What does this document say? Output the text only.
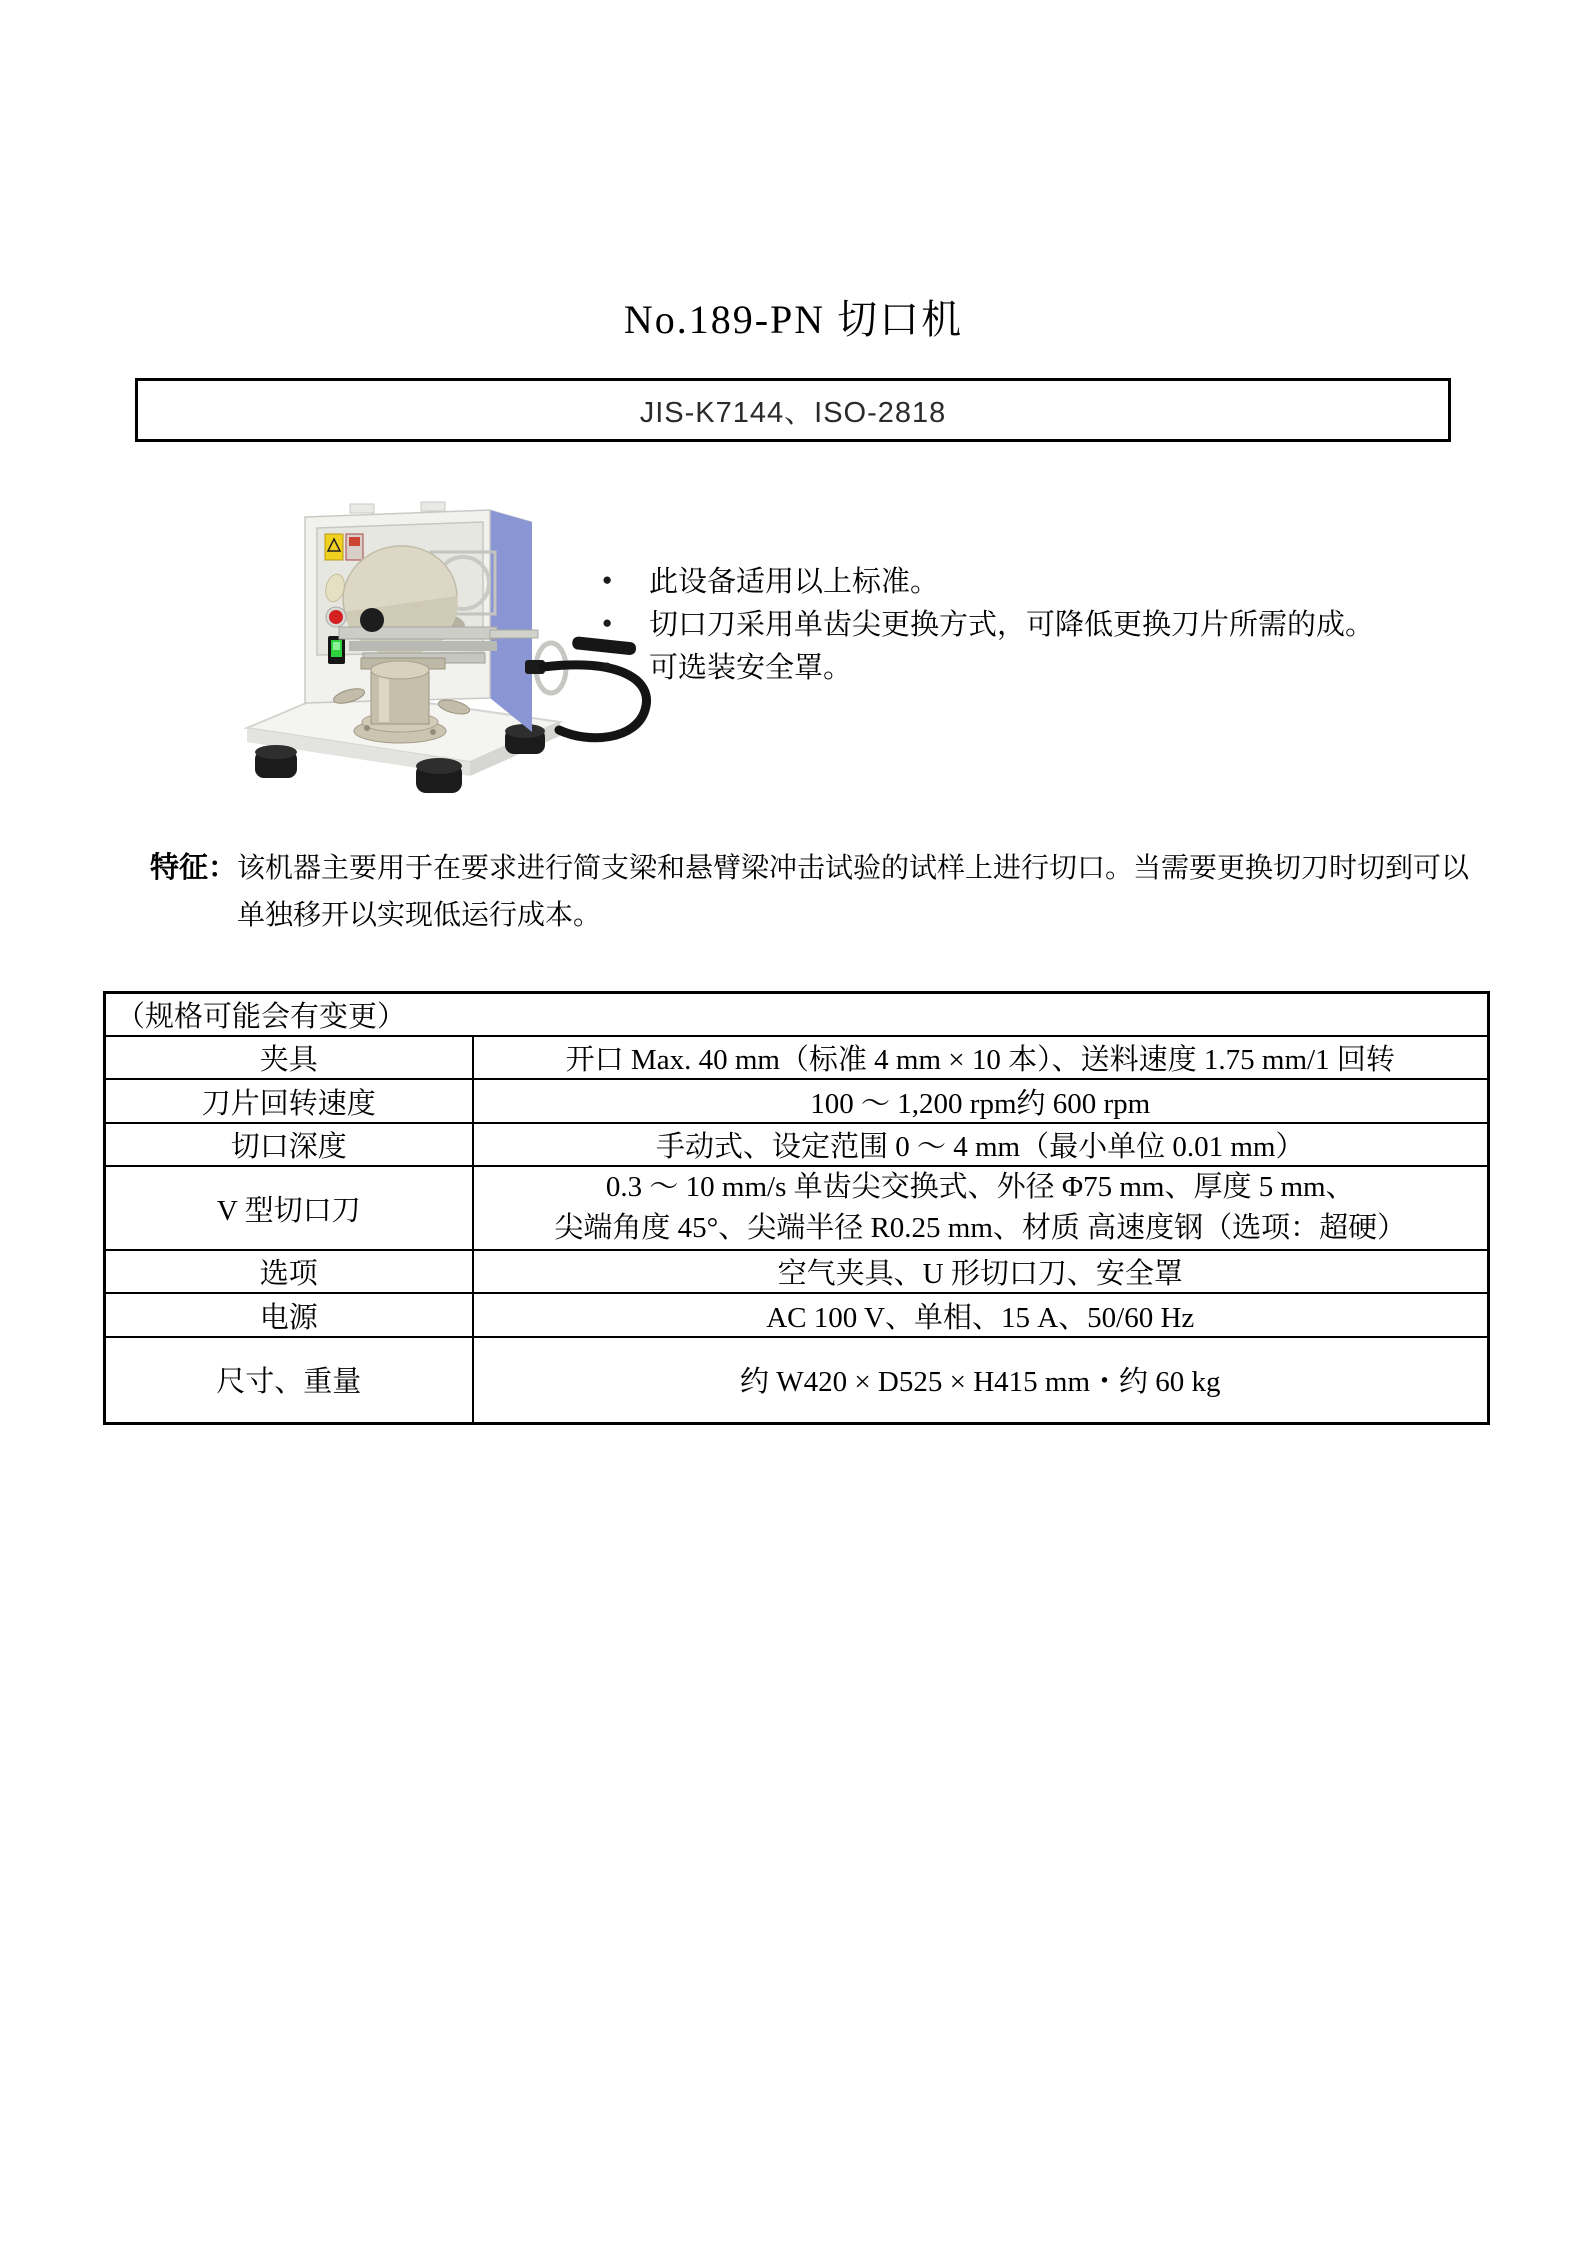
No.189-PN 切口机
JIS-K7144、ISO-2818
● 此设备适用以上标准。
● 切口刀采用单齿尖更换方式，可降低更换刀片所需的成。
● 可选装安全罩。
特征： 该机器主要用于在要求进行简支梁和悬臂梁冲击试验的试样上进行切口。当需要更换切刀时切到可以单独移开以实现低运行成本。

（规格可能会有变更）	
夹具	开口 Max. 40 mm（标准 4 mm × 10 本）、送料速度 1.75 mm/1 回转
刀片回转速度	100 ～ 1,200 rpm约 600 rpm
切口深度	手动式、设定范围 0 ～ 4 mm（最小单位 0.01 mm）
V 型切口刀	0.3 ～ 10 mm/s 单齿尖交换式、外径 Φ75 mm、厚度 5 mm、
尖端角度 45°、尖端半径 R0.25 mm、材质 高速度钢（选项：超硬）

选项	空气夹具、U 形切口刀、安全罩
电源	AC 100 V、单相、15 A、50/60 Hz
尺寸、重量	约 W420 × D525 × H415 mm・约 60 kg
